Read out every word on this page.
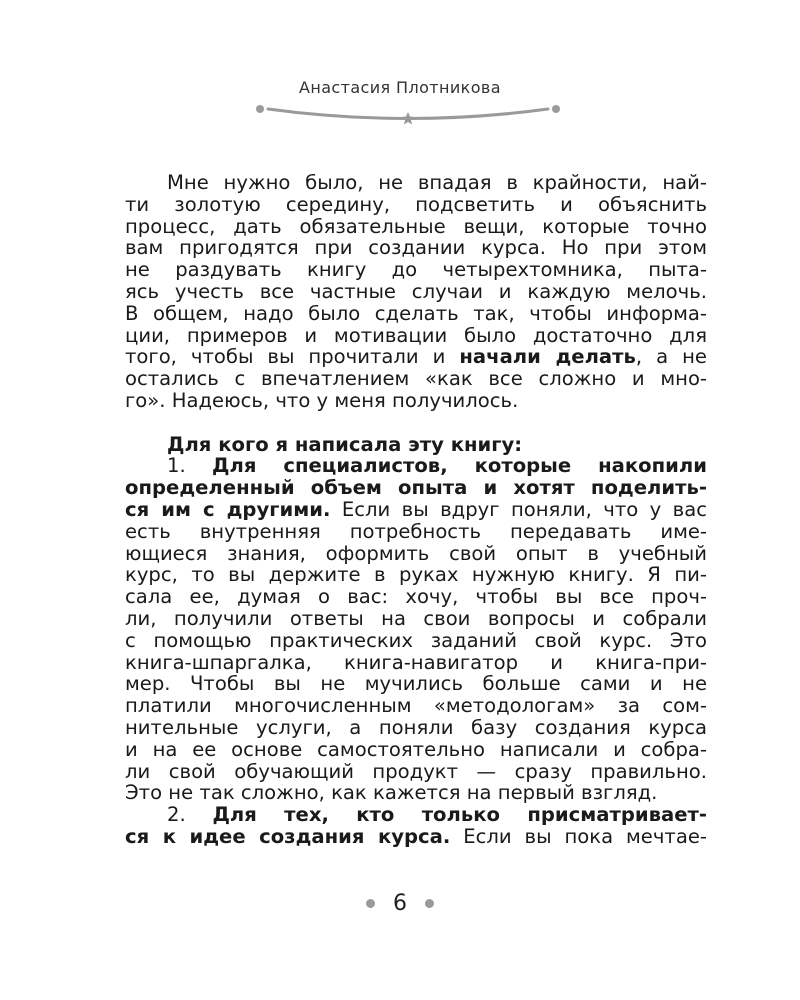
Анастасия Плотникова
Мне нужно было, не впадая в крайности, най-
ти золотую середину, подсветить и объяснить
процесс, дать обязательные вещи, которые точно
вам пригодятся при создании курса. Но при этом
не раздувать книгу до четырехтомника, пыта-
ясь учесть все частные случаи и каждую мелочь.
В общем, надо было сделать так, чтобы информа-
ции, примеров и мотивации было достаточно для
того, чтобы вы прочитали и начали делать, а не
остались с впечатлением «как все сложно и мно-
го». Надеюсь, что у меня получилось.
Для кого я написала эту книгу:
1. Для специалистов, которые накопили
определенный объем опыта и хотят поделить-
ся им с другими. Если вы вдруг поняли, что у вас
есть внутренняя потребность передавать име-
ющиеся знания, оформить свой опыт в учебный
курс, то вы держите в руках нужную книгу. Я пи-
сала ее, думая о вас: хочу, чтобы вы все проч-
ли, получили ответы на свои вопросы и собрали
с помощью практических заданий свой курс. Это
книга-шпаргалка, книга-навигатор и книга-при-
мер. Чтобы вы не мучились больше сами и не
платили многочисленным «методологам» за сом-
нительные услуги, а поняли базу создания курса
и на ее основе самостоятельно написали и собра-
ли свой обучающий продукт — сразу правильно.
Это не так сложно, как кажется на первый взгляд.
2. Для тех, кто только присматривает-
ся к идее создания курса. Если вы пока мечтае-
6
